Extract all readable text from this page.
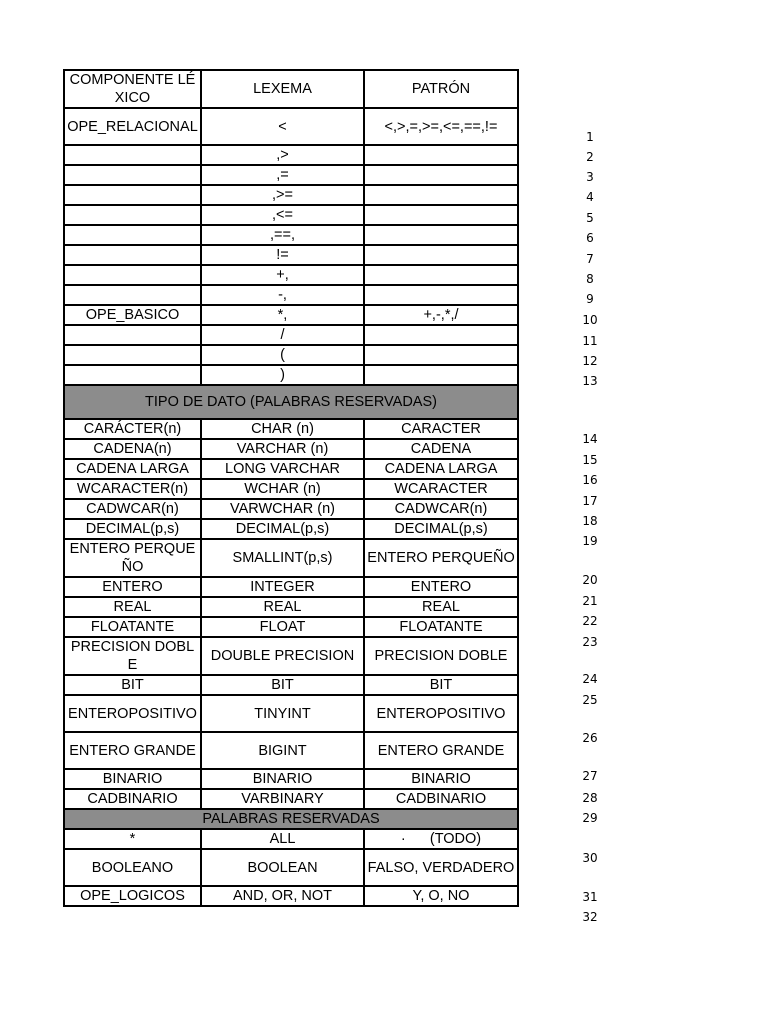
COMPONENTE LÉXICO	LEXEMA	PATRÓN
OPE_RELACIONAL	<	<,>,=,>=,<=,==,!=
	,>	
	,=	
	,>=	
	,<=	
	,==,	
	!=	
	+,	
	-,	
OPE_BASICO	*,	+,-,*,/
	/	
	(	
	)	
TIPO DE DATO (PALABRAS RESERVADAS)		
CARÁCTER(n)	CHAR (n)	CARACTER
CADENA(n)	VARCHAR (n)	CADENA
CADENA LARGA	LONG VARCHAR	CADENA LARGA
WCARACTER(n)	WCHAR (n)	WCARACTER
CADWCAR(n)	VARWCHAR (n)	CADWCAR(n)
DECIMAL(p,s)	DECIMAL(p,s)	DECIMAL(p,s)
ENTERO PERQUEÑO	SMALLINT(p,s)	ENTERO PERQUEÑO
ENTERO	INTEGER	ENTERO
REAL	REAL	REAL
FLOATANTE	FLOAT	FLOATANTE
PRECISION DOBLE	DOUBLE PRECISION	PRECISION DOBLE
BIT	BIT	BIT
ENTEROPOSITIVO	TINYINT	ENTEROPOSITIVO
ENTERO GRANDE	BIGINT	ENTERO GRANDE
BINARIO	BINARIO	BINARIO
CADBINARIO	VARBINARY	CADBINARIO
PALABRAS RESERVADAS		
*	ALL	·      (TODO)
BOOLEANO	BOOLEAN	FALSO, VERDADERO
OPE_LOGICOS	AND, OR, NOT	Y, O, NO
1
2
3
4
5
6
7
8
9
10
11
12
13
14
15
16
17
18
19
20
21
22
23
24
25
26
27
28
29
30
31
32
